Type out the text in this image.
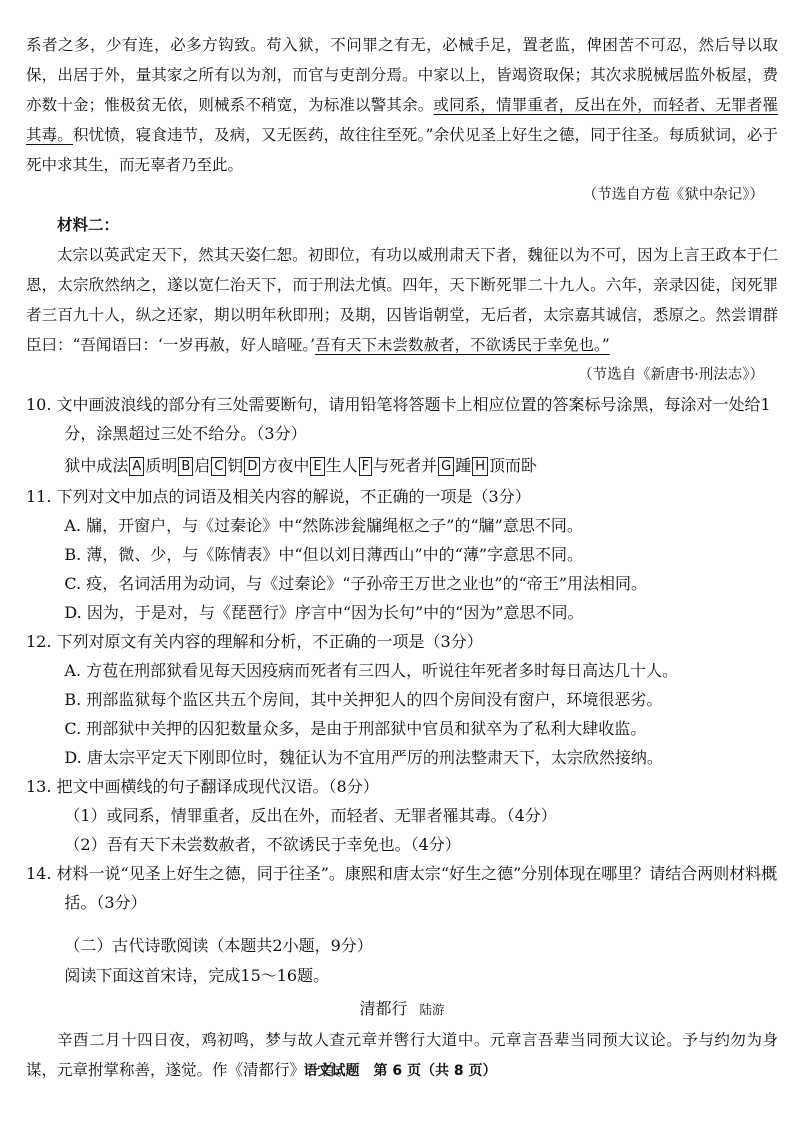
系者之多，少有连，必多方钩致。苟入狱，不问罪之有无，必械手足，置老监，俾困苦不可忍，然后导以取保，出居于外，量其家之所有以为剂，而官与吏剖分焉。中家以上，皆竭资取保；其次求脱械居监外板屋，费亦数十金；惟极贫无依，则械系不稍宽，为标准以警其余。或同系，情罪重者，反出在外，而轻者、无罪者罹其毒。积忧愤，寝食违节，及病，又无医药，故往往至死。”余伏见圣上好生之德，同于往圣。每质狱词，必于死中求其生，而无辜者乃至此。

（节选自方苞《狱中杂记》）

材料二：

太宗以英武定天下，然其天姿仁恕。初即位，有功以威刑肃天下者，魏征以为不可，因为上言王政本于仁恩，太宗欣然纳之，遂以宽仁治天下，而于刑法尤慎。四年，天下断死罪二十九人。六年，亲录囚徒，闵死罪者三百九十人，纵之还家，期以明年秋即刑；及期，囚皆诣朝堂，无后者，太宗嘉其诚信，悉原之。然尝谓群臣曰：“吾闻语曰：‘一岁再赦，好人暗哑。’吾有天下未尝数赦者，不欲诱民于幸免也。”

（节选自《新唐书·刑法志》）

10. 文中画波浪线的部分有三处需要断句，请用铅笔将答题卡上相应位置的答案标号涂黑，每涂对一处给1分，涂黑超过三处不给分。（3分）

狱中成法 A 质明 B 启 C 钥 D 方夜中 E 生人 F 与死者并 G 踵 H 顶而卧

11. 下列对文中加点的词语及相关内容的解说，不正确的一项是（3分）

A. 牖，开窗户，与《过秦论》中“然陈涉瓮牖绳枢之子”的“牖”意思不同。

B. 薄，微、少，与《陈情表》中“但以刘日薄西山”中的“薄”字意思不同。

C. 疫，名词活用为动词，与《过秦论》“子孙帝王万世之业也”的“帝王”用法相同。

D. 因为，于是对，与《琵琶行》序言中“因为长句”中的“因为”意思不同。

12. 下列对原文有关内容的理解和分析，不正确的一项是（3分）

A. 方苞在刑部狱看见每天因疫病而死者有三四人，听说往年死者多时每日高达几十人。

B. 刑部监狱每个监区共五个房间，其中关押犯人的四个房间没有窗户，环境很恶劣。

C. 刑部狱中关押的囚犯数量众多，是由于刑部狱中官员和狱卒为了私利大肆收监。

D. 唐太宗平定天下刚即位时，魏征认为不宜用严厉的刑法整肃天下，太宗欣然接纳。

13. 把文中画横线的句子翻译成现代汉语。（8分）

（1）或同系，情罪重者，反出在外，而轻者、无罪者罹其毒。（4分）

（2）吾有天下未尝数赦者，不欲诱民于幸免也。（4分）

14. 材料一说“见圣上好生之德，同于往圣”。康熙和唐太宗“好生之德”分别体现在哪里？请结合两则材料概括。（3分）

（二）古代诗歌阅读（本题共2小题，9分）

阅读下面这首宋诗，完成15～16题。

清都行 陆游

辛酉二月十四日夜，鸡初鸣，梦与故人查元章并辔行大道中。元章言吾辈当同预大议论。予与约勿为身谋，元章拊掌称善，遂觉。作《清都行》一首。

语文试题　第 6 页（共 8 页）
